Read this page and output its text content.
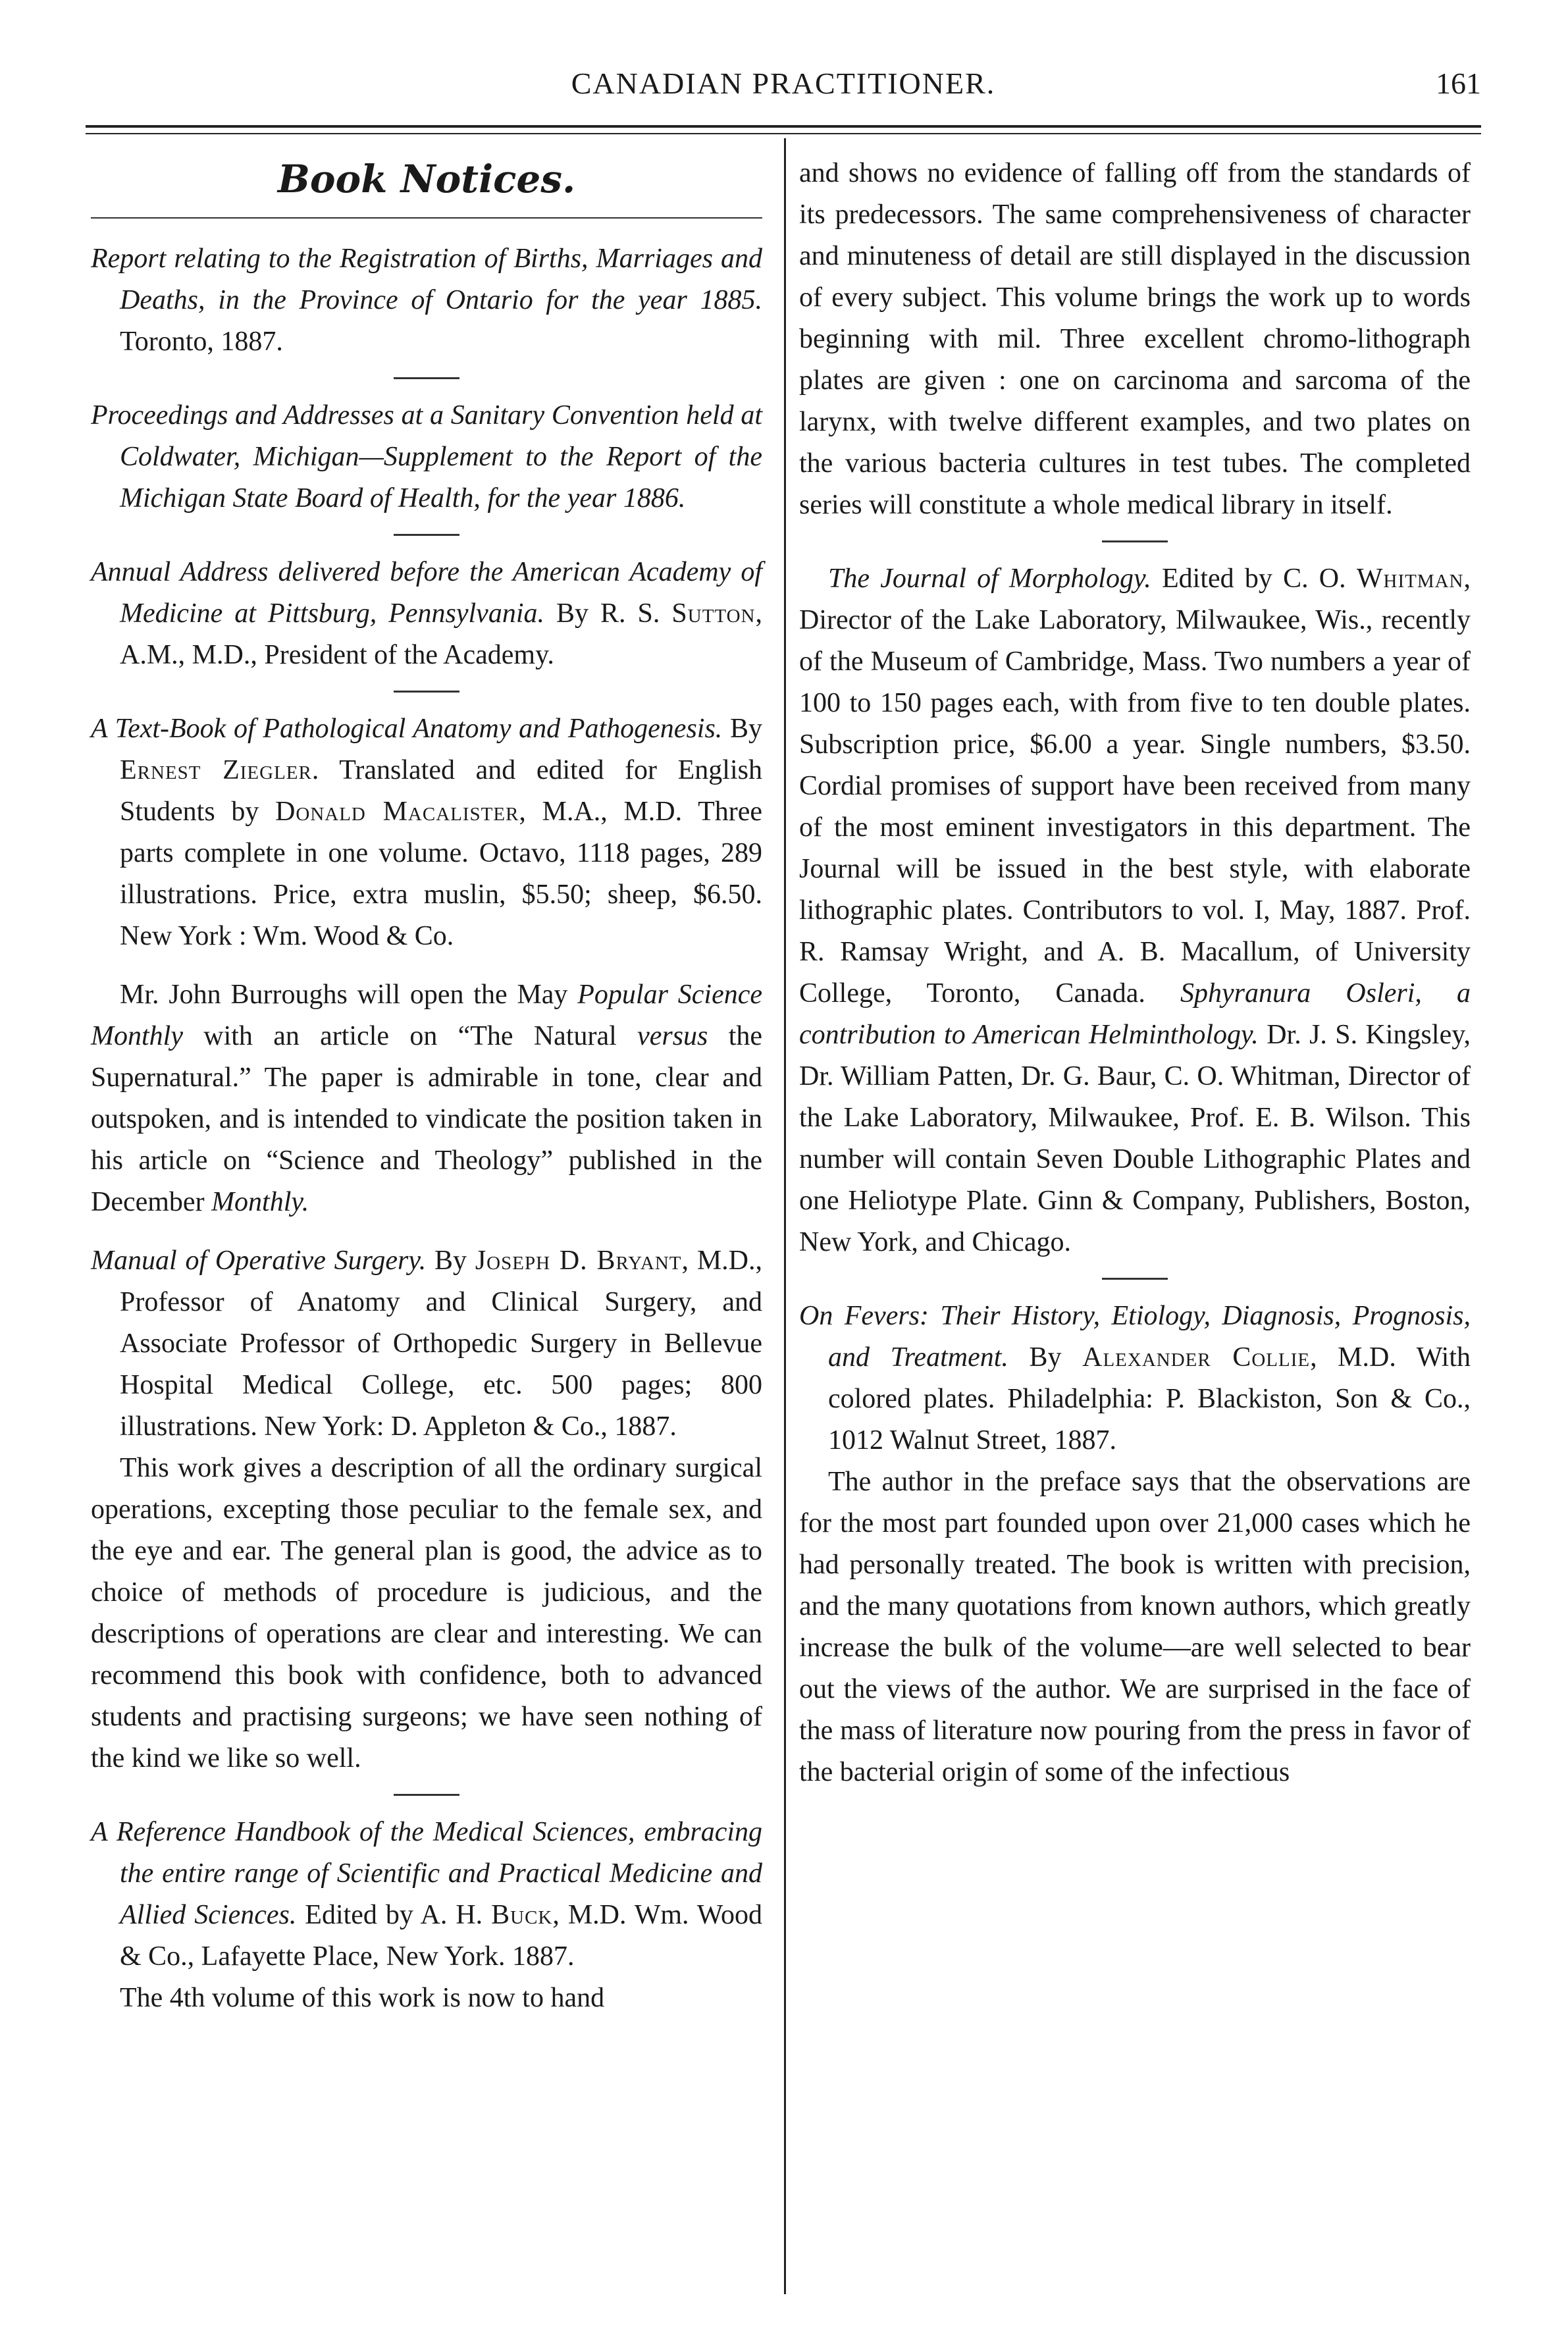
CANADIAN PRACTITIONER.	161

Book Notices.

Report relating to the Registration of Births, Marriages and Deaths, in the Province of Ontario for the year 1885. Toronto, 1887.

Proceedings and Addresses at a Sanitary Convention held at Coldwater, Michigan—Supplement to the Report of the Michigan State Board of Health, for the year 1886.

Annual Address delivered before the American Academy of Medicine at Pittsburg, Pennsylvania. By R. S. Sutton, A.M., M.D., President of the Academy.

A Text-Book of Pathological Anatomy and Pathogenesis. By Ernest Ziegler. Translated and edited for English Students by Donald Macalister, M.A., M.D. Three parts complete in one volume. Octavo, 1118 pages, 289 illustrations. Price, extra muslin, $5.50; sheep, $6.50. New York : Wm. Wood & Co.

Mr. John Burroughs will open the May Popular Science Monthly with an article on “The Natural versus the Supernatural.” The paper is admirable in tone, clear and outspoken, and is intended to vindicate the position taken in his article on “Science and Theology” published in the December Monthly.

Manual of Operative Surgery. By Joseph D. Bryant, M.D., Professor of Anatomy and Clinical Surgery, and Associate Professor of Orthopedic Surgery in Bellevue Hospital Medical College, etc. 500 pages; 800 illustrations. New York: D. Appleton & Co., 1887.

This work gives a description of all the ordinary surgical operations, excepting those peculiar to the female sex, and the eye and ear. The general plan is good, the advice as to choice of methods of procedure is judicious, and the descriptions of operations are clear and interesting. We can recommend this book with confidence, both to advanced students and practising surgeons; we have seen nothing of the kind we like so well.

A Reference Handbook of the Medical Sciences, embracing the entire range of Scientific and Practical Medicine and Allied Sciences. Edited by A. H. Buck, M.D. Wm. Wood & Co., Lafayette Place, New York. 1887.

The 4th volume of this work is now to hand

and shows no evidence of falling off from the standards of its predecessors. The same comprehensiveness of character and minuteness of detail are still displayed in the discussion of every subject. This volume brings the work up to words beginning with mil. Three excellent chromo-lithograph plates are given : one on carcinoma and sarcoma of the larynx, with twelve different examples, and two plates on the various bacteria cultures in test tubes. The completed series will constitute a whole medical library in itself.

The Journal of Morphology. Edited by C. O. Whitman, Director of the Lake Laboratory, Milwaukee, Wis., recently of the Museum of Cambridge, Mass. Two numbers a year of 100 to 150 pages each, with from five to ten double plates. Subscription price, $6.00 a year. Single numbers, $3.50. Cordial promises of support have been received from many of the most eminent investigators in this department. The Journal will be issued in the best style, with elaborate lithographic plates. Contributors to vol. I, May, 1887. Prof. R. Ramsay Wright, and A. B. Macallum, of University College, Toronto, Canada. Sphyranura Osleri, a contribution to American Helminthology. Dr. J. S. Kingsley, Dr. William Patten, Dr. G. Baur, C. O. Whitman, Director of the Lake Laboratory, Milwaukee, Prof. E. B. Wilson. This number will contain Seven Double Lithographic Plates and one Heliotype Plate. Ginn & Company, Publishers, Boston, New York, and Chicago.

On Fevers: Their History, Etiology, Diagnosis, Prognosis, and Treatment. By Alexander Collie, M.D. With colored plates. Philadelphia: P. Blackiston, Son & Co., 1012 Walnut Street, 1887.

The author in the preface says that the observations are for the most part founded upon over 21,000 cases which he had personally treated. The book is written with precision, and the many quotations from known authors, which greatly increase the bulk of the volume—are well selected to bear out the views of the author. We are surprised in the face of the mass of literature now pouring from the press in favor of the bacterial origin of some of the infectious
